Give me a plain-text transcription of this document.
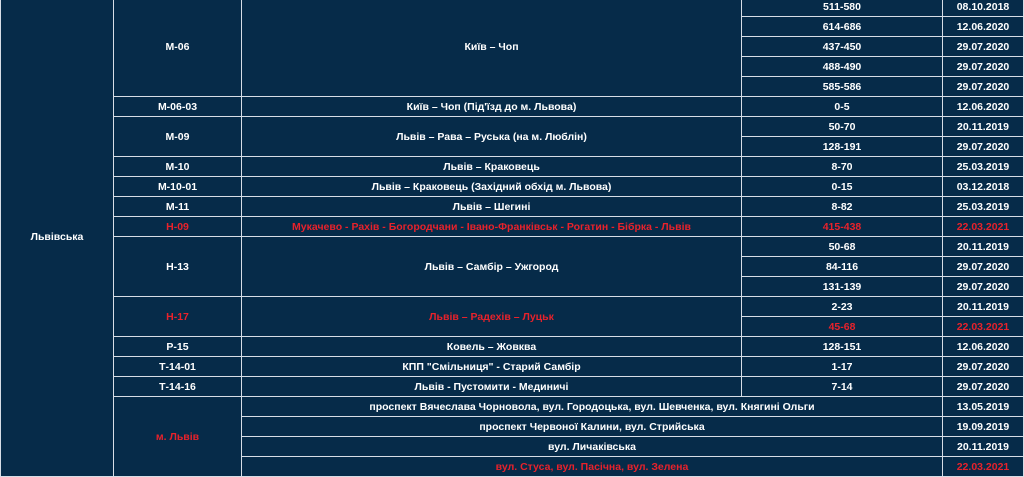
Львівська	М-06	Київ – Чоп	511-580	08.10.2018
			614-686	12.06.2020
			437-450	29.07.2020
			488-490	29.07.2020
			585-586	29.07.2020
	М-06-03	Київ – Чоп (Під'їзд до м. Львова)	0-5	12.06.2020
	М-09	Львів – Рава – Руська (на м. Люблін)	50-70	20.11.2019
			128-191	29.07.2020
	М-10	Львів – Краковець	8-70	25.03.2019
	М-10-01	Львів – Краковець (Західний обхід м. Львова)	0-15	03.12.2018
	М-11	Львів – Шегині	8-82	25.03.2019
	Н-09	Мукачево - Рахів - Богородчани - Івано-Франківськ - Рогатин - Бібрка - Львів	415-438	22.03.2021
	Н-13	Львів – Самбір – Ужгород	50-68	20.11.2019
			84-116	29.07.2020
			131-139	29.07.2020
	Н-17	Львів – Радехів – Луцьк	2-23	20.11.2019
			45-68	22.03.2021
	Р-15	Ковель – Жовква	128-151	12.06.2020
	Т-14-01	КПП "Смільниця" - Старий Самбір	1-17	29.07.2020
	Т-14-16	Львів - Пустомити - Мединичі	7-14	29.07.2020
	м. Львів	проспект Вячеслава Чорновола, вул. Городоцька, вул. Шевченка, вул. Княгині Ольги		13.05.2019
		проспект Червоної Калини, вул. Стрийська		19.09.2019
		вул. Личаківська		20.11.2019
		вул. Стуса, вул. Пасічна, вул. Зелена		22.03.2021
